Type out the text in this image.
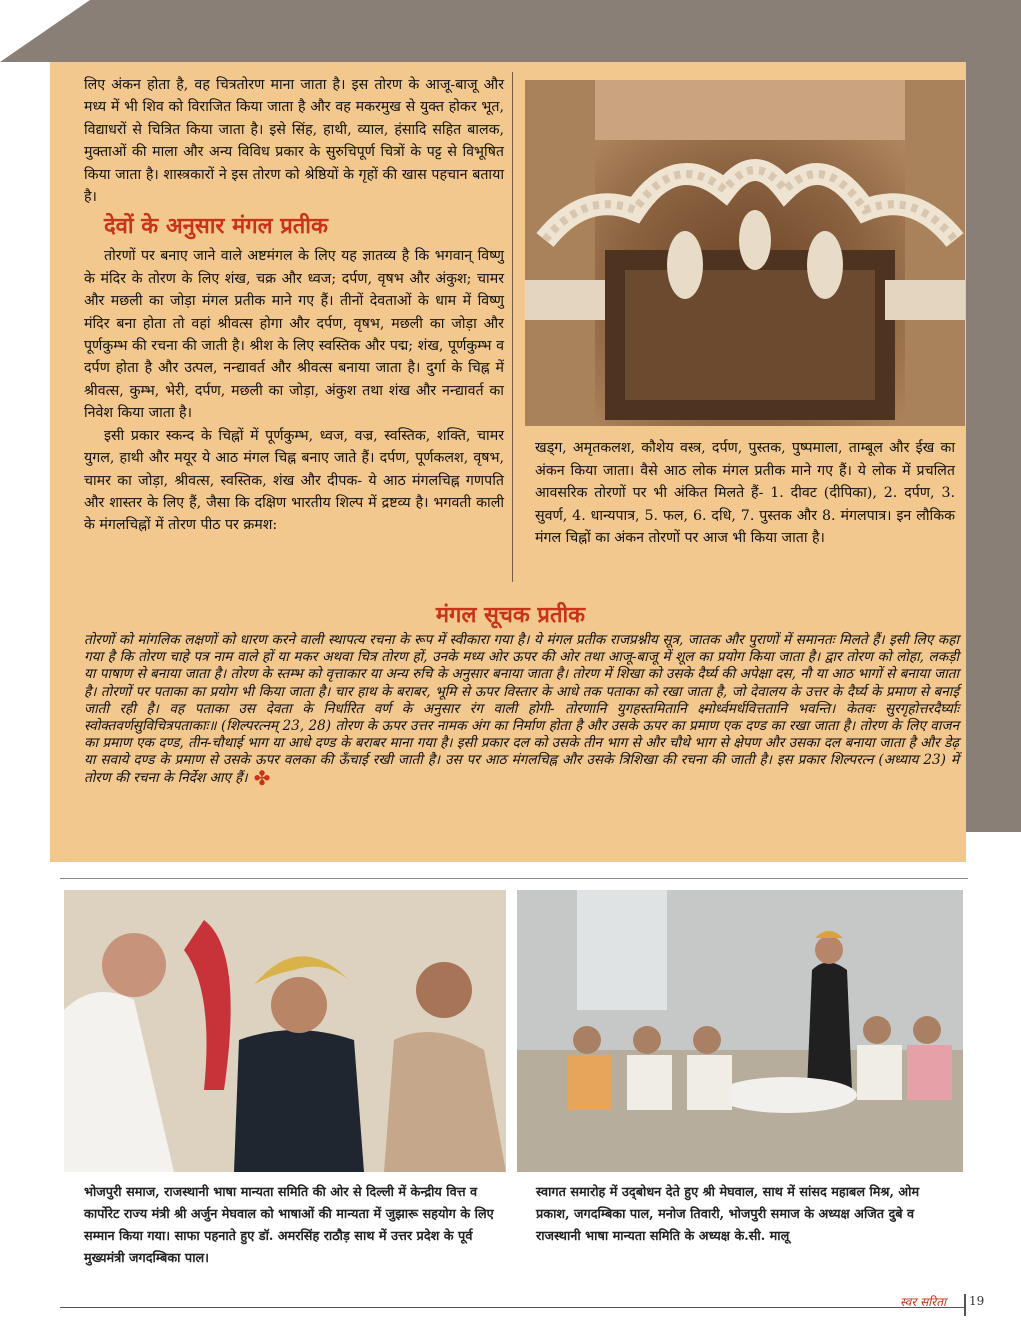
लिए अंकन होता है, वह चित्रतोरण माना जाता है। इस तोरण के आजू-बाजू और मध्य में भी शिव को विराजित किया जाता है और वह मकरमुख से युक्त होकर भूत, विद्याधरों से चित्रित किया जाता है। इसे सिंह, हाथी, व्याल, हंसादि सहित बालक, मुक्ताओं की माला और अन्य विविध प्रकार के सुरुचिपूर्ण चित्रों के पट्ट से विभूषित किया जाता है। शास्त्रकारों ने इस तोरण को श्रेष्ठियों के गृहों की खास पहचान बताया है।

देवों के अनुसार मंगल प्रतीक

तोरणों पर बनाए जाने वाले अष्टमंगल के लिए यह ज्ञातव्य है कि भगवान् विष्णु के मंदिर के तोरण के लिए शंख, चक्र और ध्वज; दर्पण, वृषभ और अंकुश; चामर और मछली का जोड़ा मंगल प्रतीक माने गए हैं। तीनों देवताओं के धाम में विष्णु मंदिर बना होता तो वहां श्रीवत्स होगा और दर्पण, वृषभ, मछली का जोड़ा और पूर्णकुम्भ की रचना की जाती है। श्रीश के लिए स्वस्तिक और पद्म; शंख, पूर्णकुम्भ व दर्पण होता है और उत्पल, नन्द्यावर्त और श्रीवत्स बनाया जाता है। दुर्गा के चिह्न में श्रीवत्स, कुम्भ, भेरी, दर्पण, मछली का जोड़ा, अंकुश तथा शंख और नन्द्यावर्त का निवेश किया जाता है।

इसी प्रकार स्कन्द के चिह्नों में पूर्णकुम्भ, ध्वज, वज्र, स्वस्तिक, शक्ति, चामर युगल, हाथी और मयूर ये आठ मंगल चिह्न बनाए जाते हैं। दर्पण, पूर्णकलश, वृषभ, चामर का जोड़ा, श्रीवत्स, स्वस्तिक, शंख और दीपक- ये आठ मंगलचिह्न गणपति और शास्तर के लिए हैं, जैसा कि दक्षिण भारतीय शिल्प में द्रष्टव्य है। भगवती काली के मंगलचिह्नों में तोरण पीठ पर क्रमश:

खड्ग, अमृतकलश, कौशेय वस्त्र, दर्पण, पुस्तक, पुष्पमाला, ताम्बूल और ईख का अंकन किया जाता। वैसे आठ लोक मंगल प्रतीक माने गए हैं। ये लोक में प्रचलित आवसरिक तोरणों पर भी अंकित मिलते हैं- 1. दीवट (दीपिका), 2. दर्पण, 3. सुवर्ण, 4. धान्यपात्र, 5. फल, 6. दधि, 7. पुस्तक और 8. मंगलपात्र। इन लौकिक मंगल चिह्नों का अंकन तोरणों पर आज भी किया जाता है।

मंगल सूचक प्रतीक

तोरणों को मांगलिक लक्षणों को धारण करने वाली स्थापत्य रचना के रूप में स्वीकारा गया है। ये मंगल प्रतीक राजप्रश्नीय सूत्र, जातक और पुराणों में समानतः मिलते हैं। इसी लिए कहा गया है कि तोरण चाहे पत्र नाम वाले हों या मकर अथवा चित्र तोरण हों, उनके मध्य ओर ऊपर की ओर तथा आजू-बाजू में शूल का प्रयोग किया जाता है। द्वार तोरण को लोहा, लकड़ी या पाषाण से बनाया जाता है। तोरण के स्तम्भ को वृत्ताकार या अन्य रुचि के अनुसार बनाया जाता है। तोरण में शिखा को उसके दैर्घ्य की अपेक्षा दस, नौ या आठ भागों से बनाया जाता है। तोरणों पर पताका का प्रयोग भी किया जाता है। चार हाथ के बराबर, भूमि से ऊपर विस्तार के आधे तक पताका को रखा जाता है, जो देवालय के उत्तर के दैर्घ्य के प्रमाण से बनाई जाती रही है। वह पताका उस देवता के निर्धारित वर्ण के अनुसार रंग वाली होगी- तोरणानि युगहस्तमितानि क्ष्मोर्ध्वमर्धवित्ततानि भवन्ति। केतवः सुरगृहोत्तरदैर्घ्याः स्वोक्तवर्णसुविचित्रपताकाः॥ (शिल्परत्नम् 23, 28) तोरण के ऊपर उत्तर नामक अंग का निर्माण होता है और उसके ऊपर का प्रमाण एक दण्ड का रखा जाता है। तोरण के लिए वाजन का प्रमाण एक दण्ड, तीन-चौथाई भाग या आधे दण्ड के बराबर माना गया है। इसी प्रकार दल को उसके तीन भाग से और चौथे भाग से क्षेपण और उसका दल बनाया जाता है और डेढ़ या सवाये दण्ड के प्रमाण से उसके ऊपर वलका की ऊँचाई रखी जाती है। उस पर आठ मंगलचिह्न और उसके त्रिशिखा की रचना की जाती है। इस प्रकार शिल्परत्न (अध्याय 23) में तोरण की रचना के निर्देश आए हैं। ✤

भोजपुरी समाज, राजस्थानी भाषा मान्यता समिति की ओर से दिल्ली में केन्द्रीय वित्त व कार्पोरेट राज्य मंत्री श्री अर्जुन मेघवाल को भाषाओं की मान्यता में जुझारू सहयोग के लिए सम्मान किया गया। साफा पहनाते हुए डॉ. अमरसिंह राठौड़ साथ में उत्तर प्रदेश के पूर्व मुख्यमंत्री जगदम्बिका पाल।

स्वागत समारोह में उद्‌बोधन देते हुए श्री मेघवाल, साथ में सांसद महाबल मिश्र, ओम प्रकाश, जगदम्बिका पाल, मनोज तिवारी, भोजपुरी समाज के अध्यक्ष अजित दुबे व राजस्थानी भाषा मान्यता समिति के अध्यक्ष के.सी. मालू

स्वर सरिता 19
